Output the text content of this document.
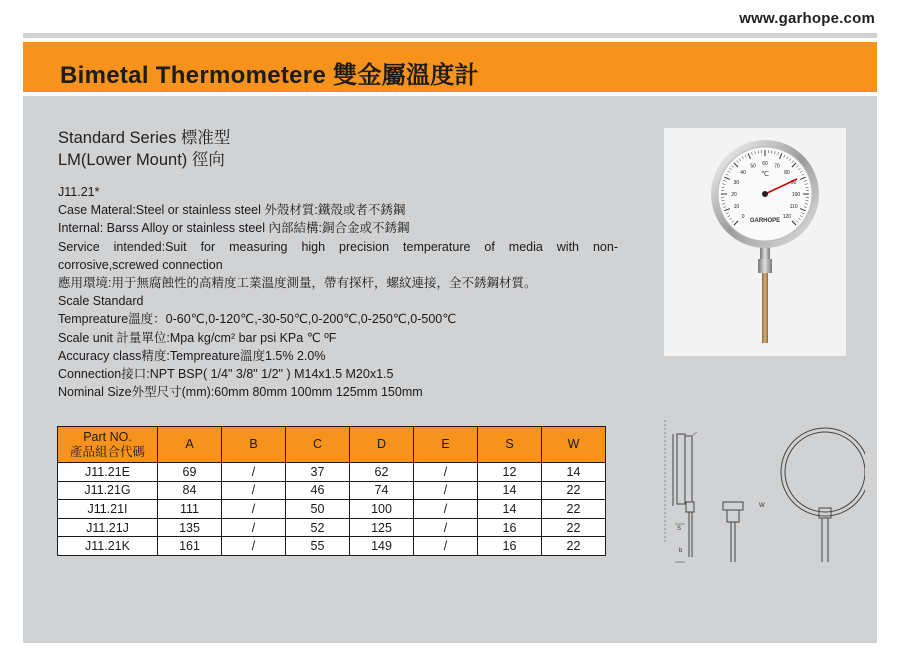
www.garhope.com
Bimetal Thermometere 雙金屬溫度計
Standard Series 標准型
LM(Lower Mount) 徑向
J11.21*
Case Materal:Steel or stainless steel 外殼材質:鐵殼或者不銹鋼
Internal: Barss Alloy or stainless steel 內部結構:銅合金或不銹鋼
Service intended:Suit for measuring high precision temperature of media with non-
corrosive,screwed connection
應用環境:用于無腐蝕性的高精度工業溫度測量，帶有探杆，螺紋連接，全不銹鋼材質。
Scale Standard
Tempreature溫度：0-60℃,0-120℃,-30-50℃,0-200℃,0-250℃,0-500℃
Scale unit 計量單位:Mpa kg/cm² bar psi KPa ℃ ºF
Accuracy class精度:Tempreature溫度1.5% 2.0%
Connection接口:NPT BSP( 1/4" 3/8" 1/2" ) M14x1.5 M20x1.5
Nominal Size外型尺寸(mm):60mm 80mm 100mm 125mm 150mm
0
10
20
30
40
50 60 70
80
90
100
110
120
℃
GARHOPE
Part NO.
產品組合代碼	A	B	C	D	E	S	W
J11.21E	69	/	37	62	/	12	14
J11.21G	84	/	46	74	/	14	22
J11.21I	111	/	50	100	/	14	22
J11.21J	135	/	52	125	/	16	22
J11.21K	161	/	55	149	/	16	22
W
S
b
